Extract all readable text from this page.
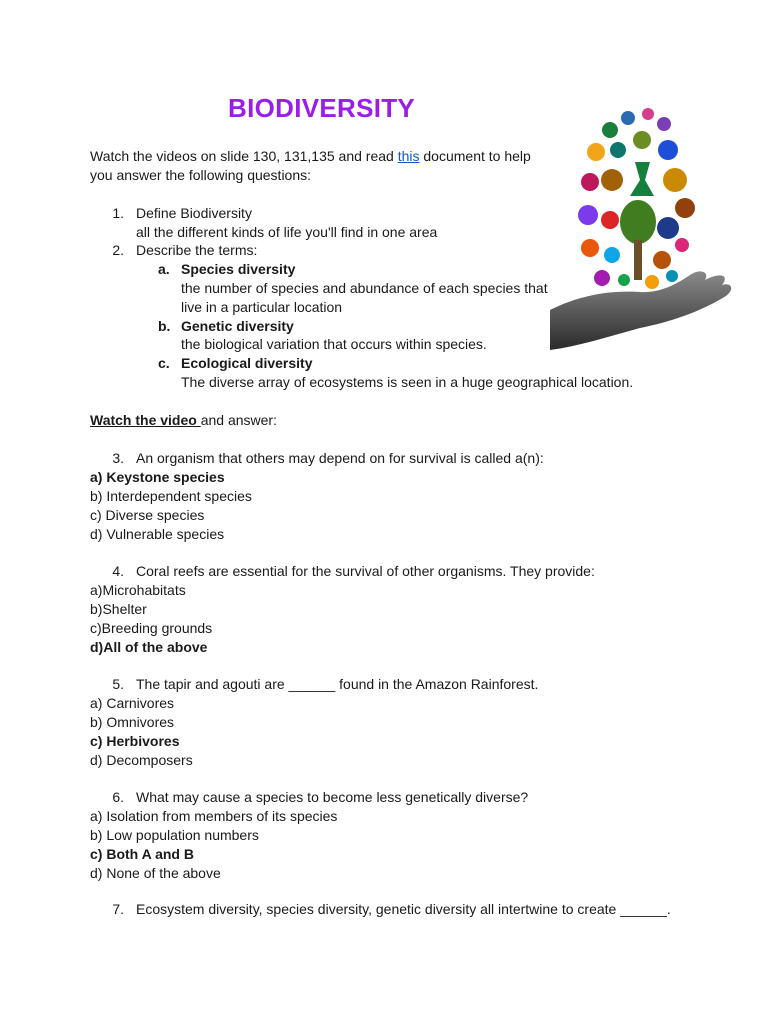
BIODIVERSITY
Watch the videos on slide 130, 131,135 and read this document to help
you answer the following questions:
1. Define Biodiversity
all the different kinds of life you'll find in one area
2. Describe the terms:
a. Species diversity
the number of species and abundance of each species that
live in a particular location
b. Genetic diversity
the biological variation that occurs within species.
c. Ecological diversity
The diverse array of ecosystems is seen in a huge geographical location.
Watch the video and answer:
3. An organism that others may depend on for survival is called a(n):
a) Keystone species
b) Interdependent species
c) Diverse species
d) Vulnerable species
4. Coral reefs are essential for the survival of other organisms. They provide:
a)Microhabitats
b)Shelter
c)Breeding grounds
d)All of the above
5. The tapir and agouti are ______ found in the Amazon Rainforest.
a) Carnivores
b) Omnivores
c) Herbivores
d) Decomposers
6. What may cause a species to become less genetically diverse?
a) Isolation from members of its species
b) Low population numbers
c) Both A and B
d) None of the above
7. Ecosystem diversity, species diversity, genetic diversity all intertwine to create ______.
